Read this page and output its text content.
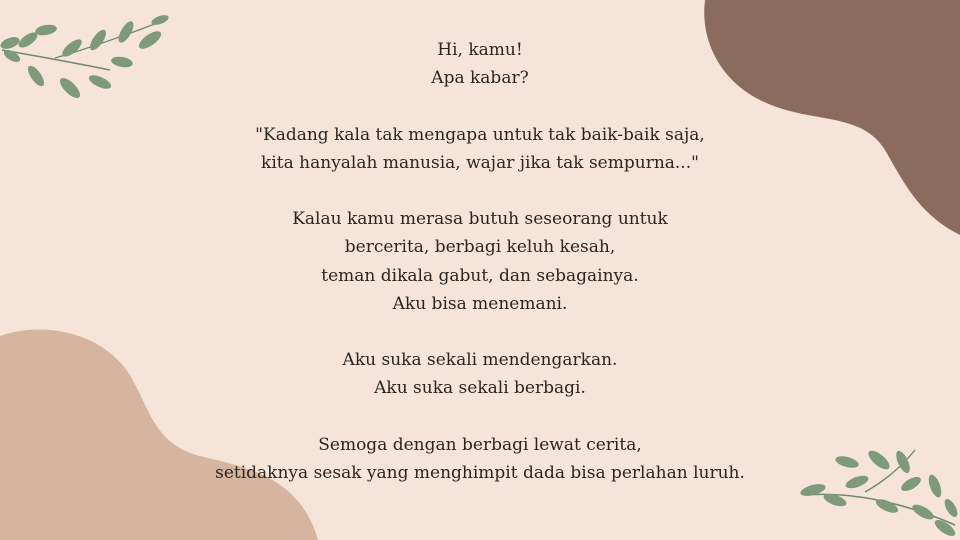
Hi, kamu!
Apa kabar?

"Kadang kala tak mengapa untuk tak baik-baik saja,
kita hanyalah manusia, wajar jika tak sempurna..."

Kalau kamu merasa butuh seseorang untuk
bercerita, berbagi keluh kesah,
teman dikala gabut, dan sebagainya.
Aku bisa menemani.

Aku suka sekali mendengarkan.
Aku suka sekali berbagi.

Semoga dengan berbagi lewat cerita,
setidaknya sesak yang menghimpit dada bisa perlahan luruh.
